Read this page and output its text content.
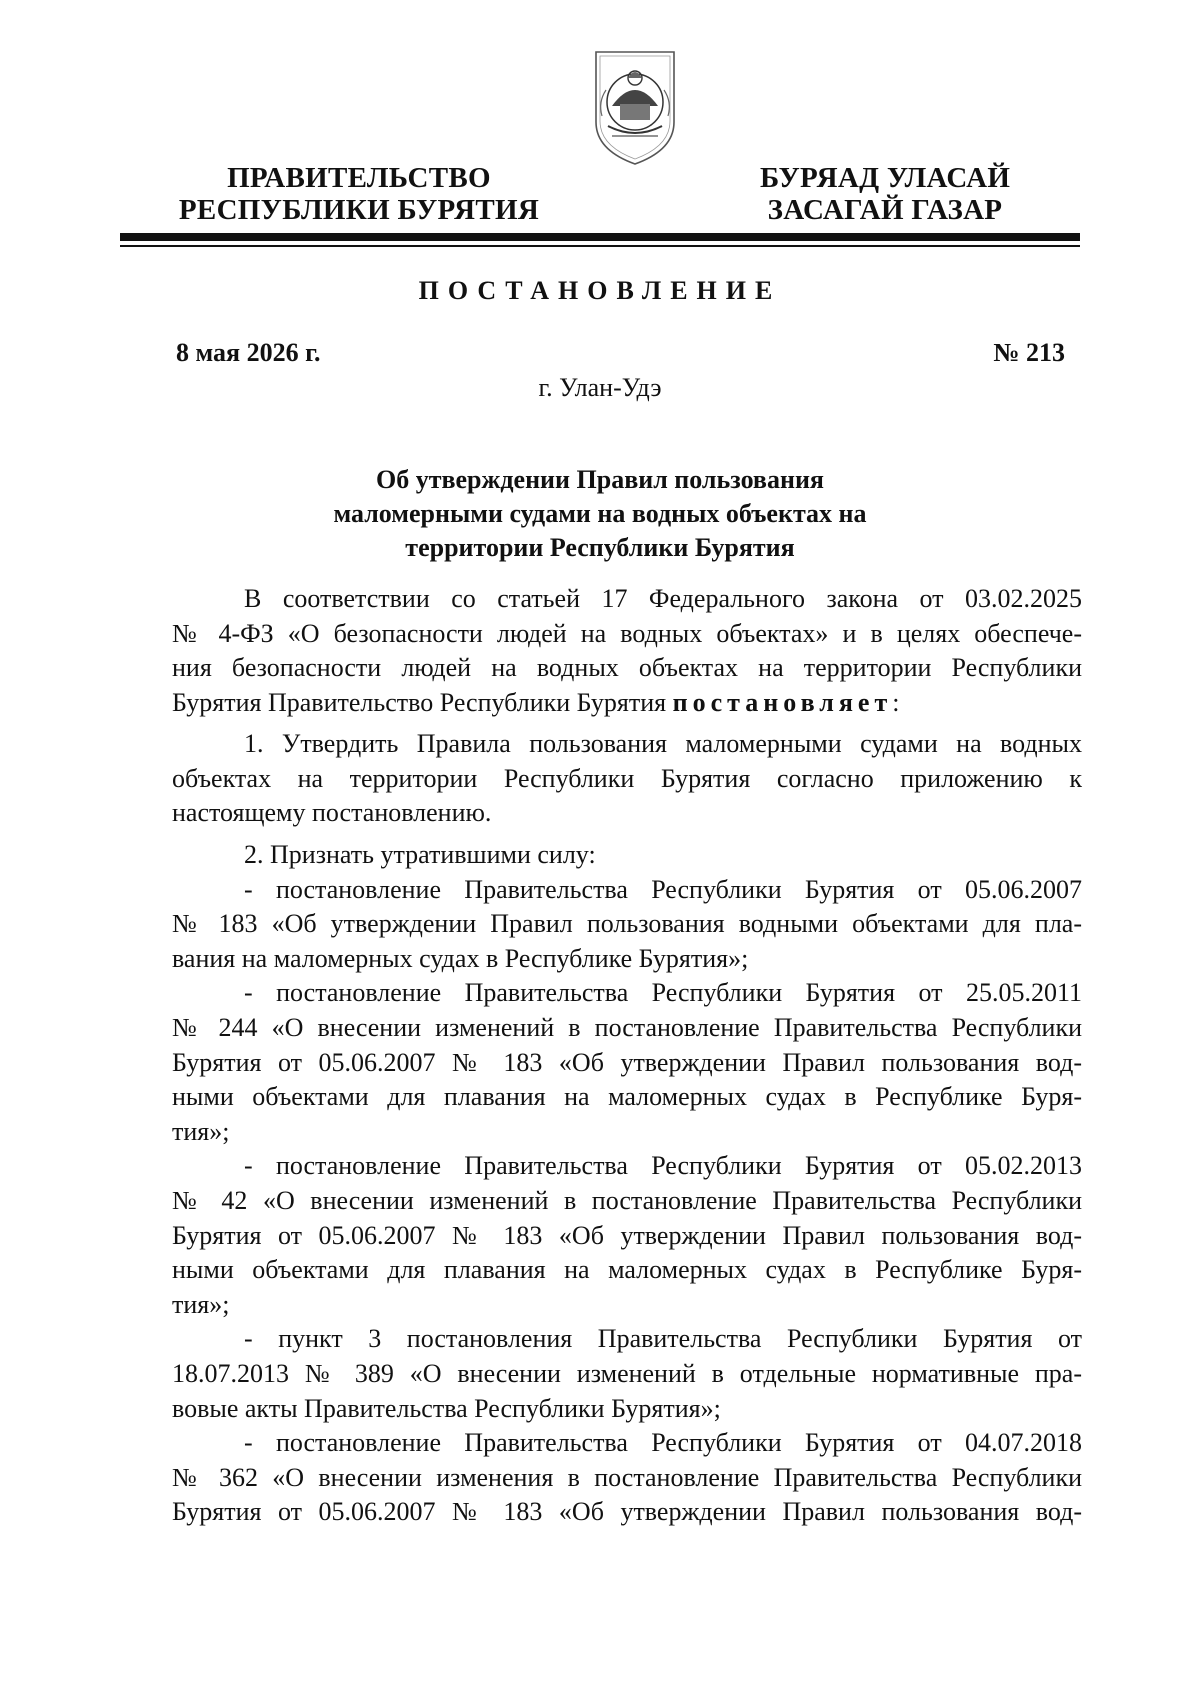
ПРАВИТЕЛЬСТВО
РЕСПУБЛИКИ БУРЯТИЯ
БУРЯАД УЛАСАЙ
ЗАСАГАЙ ГАЗАР
ПОСТАНОВЛЕНИЕ
8 мая 2026 г.	№ 213
г. Улан-Удэ
Об утверждении Правил пользования
маломерными судами на водных объектах на
территории Республики Бурятия
В соответствии со статьей 17 Федерального закона от 03.02.2025
№ 4-ФЗ «О безопасности людей на водных объектах» и в целях обеспече-
ния безопасности людей на водных объектах на территории Республики
Бурятия Правительство Республики Бурятия постановляет:
1. Утвердить Правила пользования маломерными судами на водных
объектах на территории Республики Бурятия согласно приложению к
настоящему постановлению.
2. Признать утратившими силу:
- постановление Правительства Республики Бурятия от 05.06.2007
№ 183 «Об утверждении Правил пользования водными объектами для пла-
вания на маломерных судах в Республике Бурятия»;
- постановление Правительства Республики Бурятия от 25.05.2011
№ 244 «О внесении изменений в постановление Правительства Республики
Бурятия от 05.06.2007 № 183 «Об утверждении Правил пользования вод-
ными объектами для плавания на маломерных судах в Республике Буря-
тия»;
- постановление Правительства Республики Бурятия от 05.02.2013
№ 42 «О внесении изменений в постановление Правительства Республики
Бурятия от 05.06.2007 № 183 «Об утверждении Правил пользования вод-
ными объектами для плавания на маломерных судах в Республике Буря-
тия»;
- пункт 3 постановления Правительства Республики Бурятия от
18.07.2013 № 389 «О внесении изменений в отдельные нормативные пра-
вовые акты Правительства Республики Бурятия»;
- постановление Правительства Республики Бурятия от 04.07.2018
№ 362 «О внесении изменения в постановление Правительства Республики
Бурятия от 05.06.2007 № 183 «Об утверждении Правил пользования вод-
